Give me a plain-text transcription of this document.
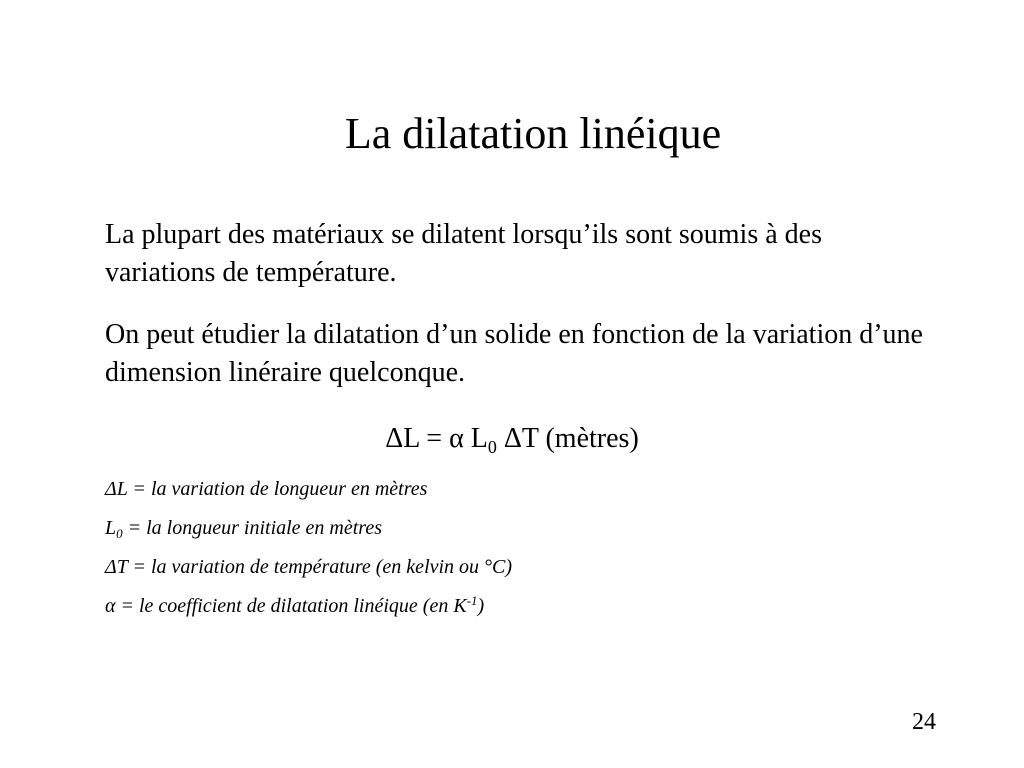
La dilatation linéique
La plupart des matériaux se dilatent lorsqu’ils sont soumis à des variations de température.
On peut étudier la dilatation d’un solide en fonction de la variation d’une dimension linéraire quelconque.
ΔL = α $L_0$ ΔT (mètres)
ΔL = la variation de longueur en mètres
$L_0$ = la longueur initiale en mètres
ΔT = la variation de température (en kelvin ou °C)
α = le coefficient de dilatation linéique (en $K^{-1}$)
24
